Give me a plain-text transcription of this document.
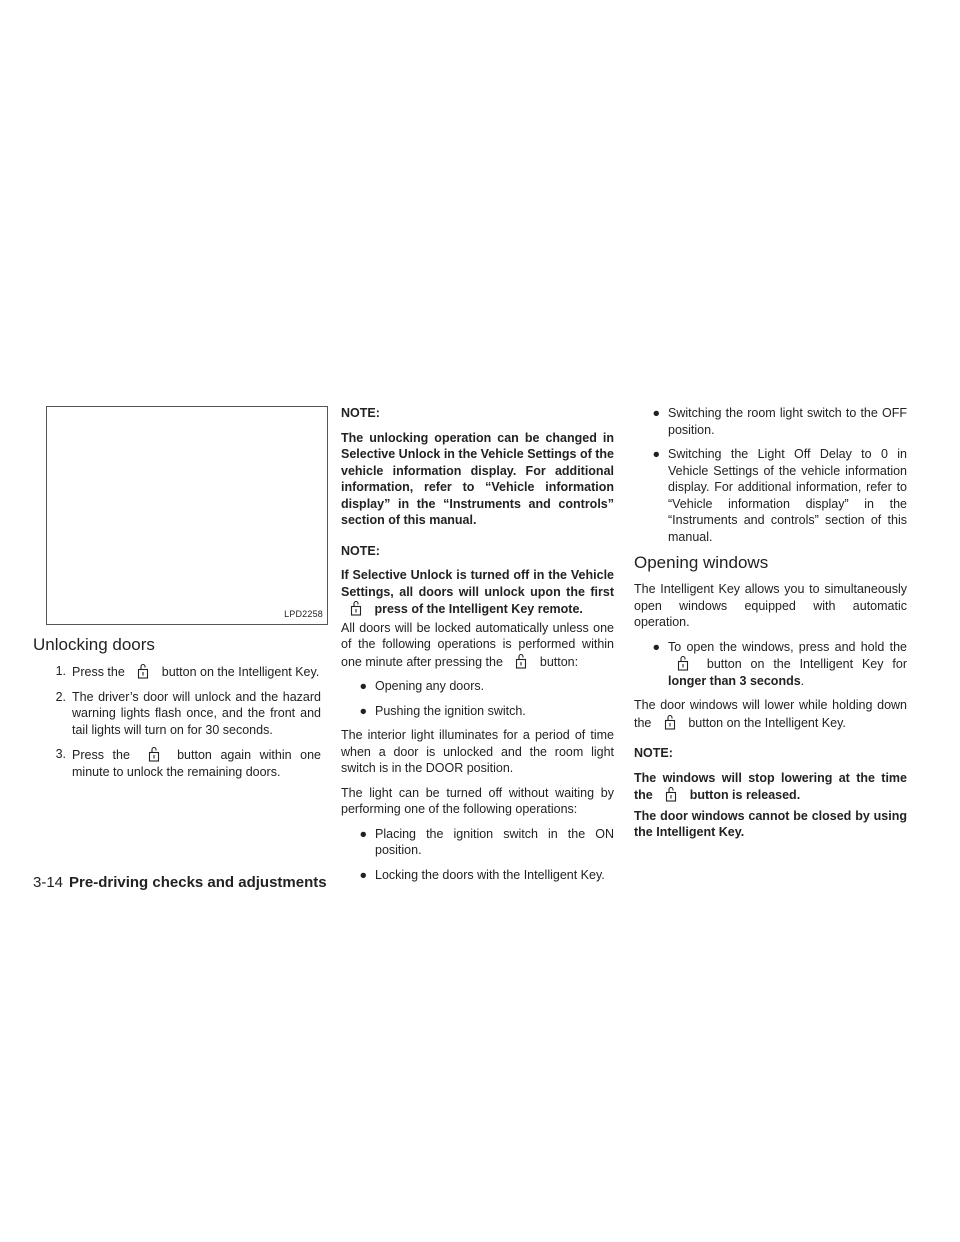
LPD2258
Unlocking doors
1. Press the	button on the Intelligent Key.
2. The driver’s door will unlock and the hazard warning lights flash once, and the front and tail lights will turn on for 30 seconds.
3. Press the	button again within one minute to unlock the remaining doors.

NOTE:

The unlocking operation can be changed in Selective Unlock in the Vehicle Settings of the vehicle information display. For additional information, refer to “Vehicle information display” in the “Instruments and controls” section of this manual.

NOTE:

If Selective Unlock is turned off in the Vehicle Settings, all doors will unlock upon the first  press of the Intelligent Key remote.

All doors will be locked automatically unless one of the following operations is performed within one minute after pressing the	button:

● Opening any doors.
● Pushing the ignition switch.

The interior light illuminates for a period of time when a door is unlocked and the room light switch is in the DOOR position.

The light can be turned off without waiting by performing one of the following operations:

● Placing the ignition switch in the ON position.
● Locking the doors with the Intelligent Key.
● Switching the room light switch to the OFF position.
● Switching the Light Off Delay to 0 in Vehicle Settings of the vehicle information display. For additional information, refer to “Vehicle information display” in the “Instruments and controls” section of this manual.
Opening windows

The Intelligent Key allows you to simultaneously open windows equipped with automatic operation.

● To open the windows, press and hold the  button on the Intelligent Key for longer than 3 seconds.

The door windows will lower while holding down the	button on the Intelligent Key.

NOTE:

The windows will stop lowering at the time the	button is released.

The door windows cannot be closed by using the Intelligent Key.

3-14 Pre-driving checks and adjustments
